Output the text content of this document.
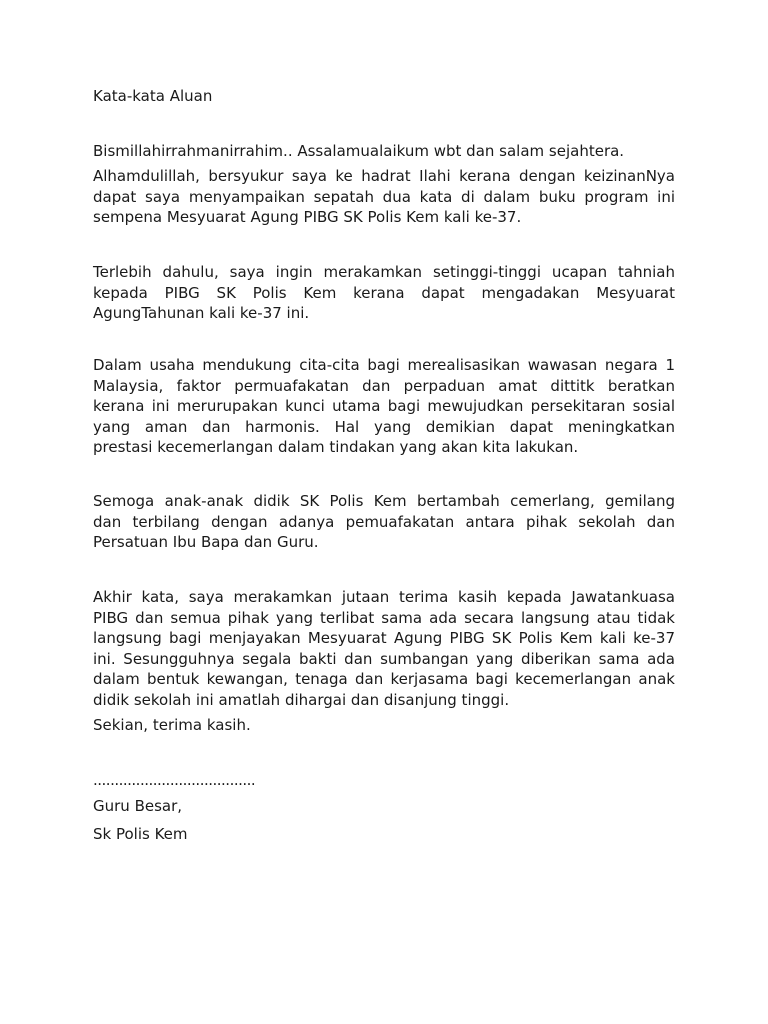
Kata-kata Aluan

Bismillahirrahmanirrahim.. Assalamualaikum wbt dan salam sejahtera.

Alhamdulillah, bersyukur saya ke hadrat Ilahi kerana dengan keizinanNya
dapat saya menyampaikan sepatah dua kata di dalam buku program ini
sempena Mesyuarat Agung PIBG SK Polis Kem kali ke-37.
Terlebih dahulu, saya ingin merakamkan setinggi-tinggi ucapan tahniah
kepada PIBG SK Polis Kem kerana dapat mengadakan Mesyuarat
AgungTahunan kali ke-37 ini.
Dalam usaha mendukung cita-cita bagi merealisasikan wawasan negara 1
Malaysia, faktor permuafakatan dan perpaduan amat dittitk beratkan
kerana ini merurupakan kunci utama bagi mewujudkan persekitaran sosial
yang aman dan harmonis. Hal yang demikian dapat meningkatkan
prestasi kecemerlangan dalam tindakan yang akan kita lakukan.
Semoga anak-anak didik SK Polis Kem bertambah cemerlang, gemilang
dan terbilang dengan adanya pemuafakatan antara pihak sekolah dan
Persatuan Ibu Bapa dan Guru.
Akhir kata, saya merakamkan jutaan terima kasih kepada Jawatankuasa
PIBG dan semua pihak yang terlibat sama ada secara langsung atau tidak
langsung bagi menjayakan Mesyuarat Agung PIBG SK Polis Kem kali ke-37
ini. Sesungguhnya segala bakti dan sumbangan yang diberikan sama ada
dalam bentuk kewangan, tenaga dan kerjasama bagi kecemerlangan anak
didik sekolah ini amatlah dihargai dan disanjung tinggi.

Sekian, terima kasih.

......................................

Guru Besar,

Sk Polis Kem
